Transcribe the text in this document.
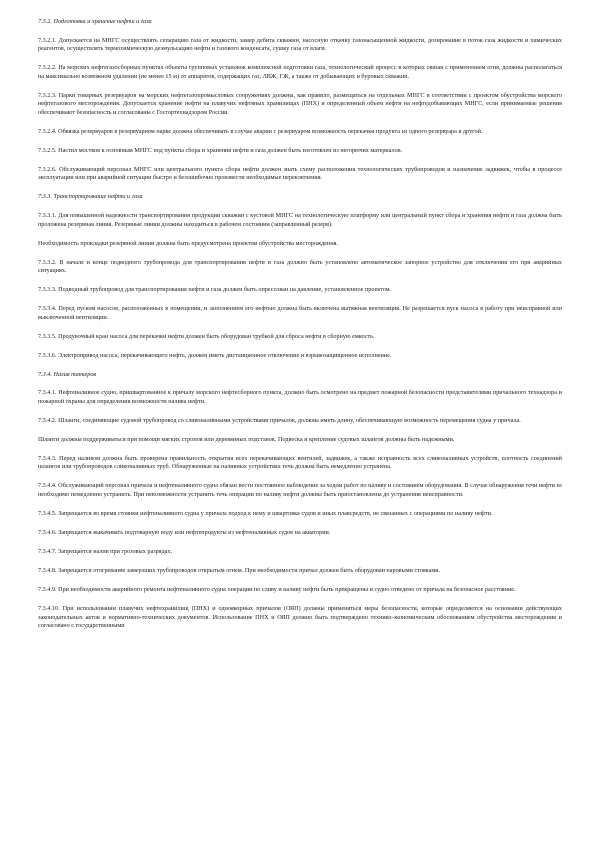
7.3.2. Подготовка и хранение нефти и газа

7.3.2.1. Допускается на МНГС осуществлять сепарацию газа от жидкости, замер дебита скважин, насосную откачку газонасыщенной жидкости, дозирование в поток газа жидкости и химических реагентов, осуществлять термохимическую деэмульсацию нефти и газового конденсата, сушку газа от влаги.

7.3.2.2. На морских нефтегазосборных пунктах объекты групповых установок комплексной подготовки газа, технологический процесс в которых связан с применением огня, должны располагаться на максимально возможном удалении (не менее 15 м) от аппаратов, содержащих газ, ЛВЖ, ГЖ, а также от добывающих и буровых скважин.

7.3.2.3. Парки товарных резервуаров на морских нефтегазопромысловых сооружениях должны, как правило, размещаться на отдельных МНГС в соответствии с проектом обустройства морского нефтегазового месторождения. Допускается хранение нефти на плавучих нефтяных хранилищах (ПНХ) и определенный объем нефти на нефтедобывающих МНГС, если принимаемые решения обеспечивают безопасность и согласованы с Госгортехнадзором России.

7.3.2.4. Обвязка резервуаров в резервуарном парке должна обеспечивать в случае аварии с резервуаром возможность перекачки продукта из одного резервуара в другой.

7.3.2.5. Настил мостков к основным МНГС под пункты сбора и хранения нефти и газа должен быть изготовлен из негорючих материалов.

7.3.2.6. Обслуживающий персонал МНГС или центрального пункта сбора нефти должен знать схему расположения технологических трубопроводов и назначение задвижек, чтобы в процессе эксплуатации или при аварийной ситуации быстро и безошибочно произвести необходимые переключения.

7.3.3. Транспортирование нефти и газа

7.3.3.1. Для повышенной надежности транспортирования продукции скважин с кустовой МНГС на технологическую платформу или центральный пункт сбора и хранения нефти и газа должна быть проложена резервная линия. Резервные линии должны находиться в рабочем состоянии (заправленный резерв).

Необходимость прокладки резервной линии должна быть предусмотрена проектом обустройства месторождения.

7.3.3.2. В начале и конце подводного трубопровода для транспортирования нефти и газа должно быть установлено автоматическое запорное устройство для отключения его при аварийных ситуациях.

7.3.3.3. Подводный трубопровод для транспортирования нефти и газа должен быть опрессован на давление, установленное проектом.

7.3.3.4. Перед пуском насосов, расположенных в помещении, и заполнением его нефтью должна быть включена вытяжная вентиляция. Не разрешается пуск насоса в работу при неисправной или выключенной вентиляции.

7.3.3.5. Продувочный кран насоса для перекачки нефти должен быть оборудован трубкой для сброса нефти в сборную емкость.

7.3.3.6. Электропривод насоса, перекачивающего нефть, должен иметь дистанционное отключение и взрывозащищенное исполнение.

7.3.4. Налив танкеров

7.3.4.1. Нефтеналивное судно, пришвартованное к причалу морского нефтесборного пункта, должно быть осмотрено на предмет пожарной безопасности представителями причального технадзора и пожарной охраны для определения возможности налива нефти.

7.3.4.2. Шланги, соединяющие судовой трубопровод со сливоналивными устройствами причалов, должны иметь длину, обеспечивающую возможность перемещения судна у причала.

Шланги должны поддерживаться при помощи мягких стропов или деревянных подставок. Подвеска и крепление судовых шлангов должны быть надежными.

7.3.4.3. Перед наливом должна быть проверена правильность открытия всех перекачивающих вентилей, задвижек, а также исправность всех сливоналивных устройств, плотность соединений шлангов или трубопроводов сливоналивных труб. Обнаруженные на наливных устройствах течь должна быть немедленно устранена.

7.3.4.4. Обслуживающий персонал причала и нефтеналивного судна обязан вести постоянное наблюдение за ходом работ по наливу и состоянием оборудования. В случае обнаружения течи нефти ее необходимо немедленно устранить. При невозможности устранить течь операции по наливу нефти должны быть приостановлены до устранения неисправности.

7.3.4.5. Запрещается во время стоянки нефтеналивного судна у причала подход к нему и швартовка судов и иных плавсредств, не связанных с операциями по наливу нефти.

7.3.4.6. Запрещается выкачивать подтоварную воду или нефтепродукты из нефтеналивных судов на акватории.

7.3.4.7. Запрещается налив при грозовых разрядах.

7.3.4.8. Запрещается отогревание замерзших трубопроводов открытым огнем. При необходимости причал должен быть оборудован паровыми стояками.

7.3.4.9. При необходимости аварийного ремонта нефтеналивного судна операции по сливу и наливу нефти быть прекращены и судно отведено от причала на безопасное расстояние.

7.3.4.10. При использовании плавучих нефтехранилищ (ПНХ) и одноякорных причалов (ОЯП) должны применяться меры безопасности, которые определяются на основании действующих законодательных актов и нормативно-технических документов. Использование ПНХ и ОЯП должно быть подтверждено технико-экономическим обоснованием обустройства месторождения и согласовано с государственными
